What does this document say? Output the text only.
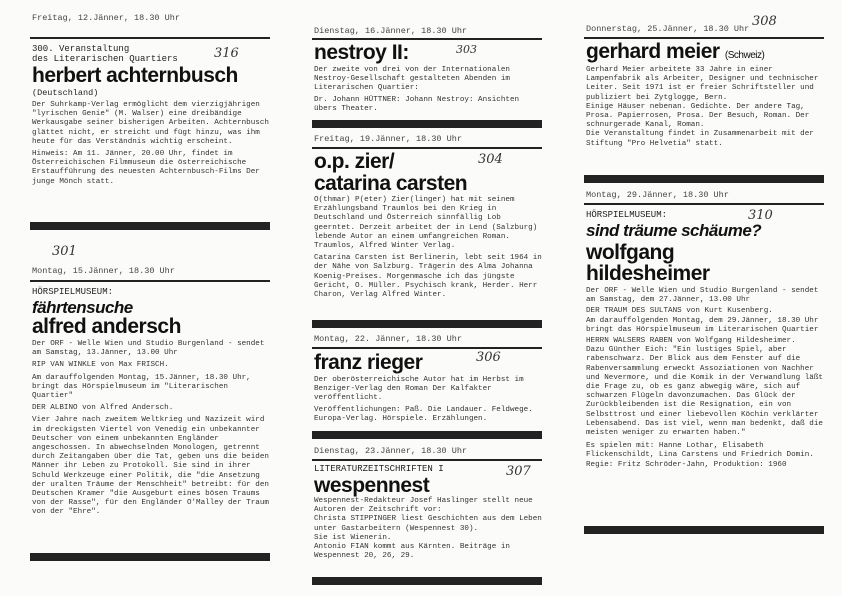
Freitag, 12.Jänner, 18.30 Uhr
300. Veranstaltung
des Literarischen Quartiers	316
herbert achternbusch
(Deutschland)

Der Suhrkamp-Verlag ermöglicht dem vierzigjährigen "lyrischen Genie" (M. Walser) eine dreibändige Werkausgabe seiner bisherigen Arbeiten. Achternbusch glättet nicht, er streicht und fügt hinzu, was ihm heute für das Verständnis wichtig erscheint.

Hinweis: Am 11. Jänner, 20.00 Uhr, findet im Österreichischen Filmmuseum die österreichische Erstaufführung des neuesten Achternbusch-Films Der junge Mönch statt.

301
Montag, 15.Jänner, 18.30 Uhr
HÖRSPIELMUSEUM:
fährtensuche
alfred andersch

Der ORF - Welle Wien und Studio Burgenland - sendet am Samstag, 13.Jänner, 13.00 Uhr

RIP VAN WINKLE von Max FRISCH.

Am darauffolgenden Montag, 15.Jänner, 18.30 Uhr, bringt das Hörspielmuseum im "Literarischen Quartier"

DER ALBINO von Alfred Andersch.

Vier Jahre nach zweitem Weltkrieg und Nazizeit wird im dreckigsten Viertel von Venedig ein unbekannter Deutscher von einem unbekannten Engländer angeschossen. In abwechselnden Monologen, getrennt durch Zeitangaben über die Tat, geben uns die beiden Männer ihr Leben zu Protokoll. Sie sind in ihrer Schuld Werkzeuge einer Politik, die "die Ansetzung der uralten Träume der Menschheit" betreibt: für den Deutschen Kramer "die Ausgeburt eines bösen Traums von der Rasse", für den Engländer O'Malley der Traum von der "Ehre".

Dienstag, 16.Jänner, 18.30 Uhr
nestroy II:	303

Der zweite von drei von der Internationalen Nestroy-Gesellschaft gestalteten Abenden im Literarischen Quartier:

Dr. Johann HÜTTNER: Johann Nestroy: Ansichten übers Theater.

Freitag, 19.Jänner, 18.30 Uhr
o.p. zier/	304
catarina carsten

O(thmar) P(eter) Zier(linger) hat mit seinem Erzählungsband Traumlos bei den Krieg in Deutschland und Österreich sinnfällig Lob geerntet. Derzeit arbeitet der in Lend (Salzburg) lebende Autor an einem umfangreichen Roman. Traumlos, Alfred Winter Verlag.

Catarina Carsten ist Berlinerin, lebt seit 1964 in der Nähe von Salzburg. Trägerin des Alma Johanna Koenig-Preises. Morgenmasche ich das jüngste Gericht, O. Müller. Psychisch krank, Herder. Herr Charon, Verlag Alfred Winter.

Montag, 22. Jänner, 18.30 Uhr
franz rieger	306

Der oberösterreichische Autor hat im Herbst im Benziger-Verlag den Roman Der Kalfakter veröffentlicht.

Veröffentlichungen: Paß. Die Landauer. Feldwege. Europa-Verlag. Hörspiele. Erzählungen.

Dienstag, 23.Jänner, 18.30 Uhr
LITERATURZEITSCHRIFTEN I	307
wespennest

Wespennest-Redakteur Josef Haslinger stellt neue Autoren der Zeitschrift vor:

Christa STIPPINGER liest Geschichten aus dem Leben unter Gastarbeitern (Wespennest 30).

Sie ist Wienerin.

Antonio FIAN kommt aus Kärnten. Beiträge in Wespennest 20, 26, 29.

Donnerstag, 25.Jänner, 18.30 Uhr 308
gerhard meier (Schweiz)

Gerhard Meier arbeitete 33 Jahre in einer Lampenfabrik als Arbeiter, Designer und technischer Leiter. Seit 1971 ist er freier Schriftsteller und publiziert bei Zytglogge, Bern.

Einige Häuser nebenan. Gedichte. Der andere Tag, Prosa. Papierrosen, Prosa. Der Besuch, Roman. Der schnurgerade Kanal, Roman.

Die Veranstaltung findet in Zusammenarbeit mit der Stiftung "Pro Helvetia" statt.

Montag, 29.Jänner, 18.30 Uhr
HÖRSPIELMUSEUM:	310
sind träume schäume?
wolfgang
hildesheimer

Der ORF - Welle Wien und Studio Burgenland - sendet am Samstag, dem 27.Jänner, 13.00 Uhr

DER TRAUM DES SULTANS von Kurt Kusenberg.

Am darauffolgenden Montag, dem 29.Jänner, 18.30 Uhr bringt das Hörspielmuseum im Literarischen Quartier

HERRN WALSERS RABEN von Wolfgang Hildesheimer.

Dazu Günther Eich: "Ein lustiges Spiel, aber rabenschwarz. Der Blick aus dem Fenster auf die Rabenversammlung erweckt Assoziationen von Nachher und Nevermore, und die Komik in der Verwandlung läßt die Frage zu, ob es ganz abwegig wäre, sich auf schwarzen Flügeln davonzumachen. Das Glück der Zurückbleibenden ist die Resignation, ein von Selbsttrost und einer liebevollen Köchin verklärter Lebensabend. Das ist viel, wenn man bedenkt, daß die meisten weniger zu erwarten haben."

Es spielen mit: Hanne Lothar, Elisabeth Flickenschildt, Lina Carstens und Friedrich Domin. Regie: Fritz Schröder-Jahn, Produktion: 1960
